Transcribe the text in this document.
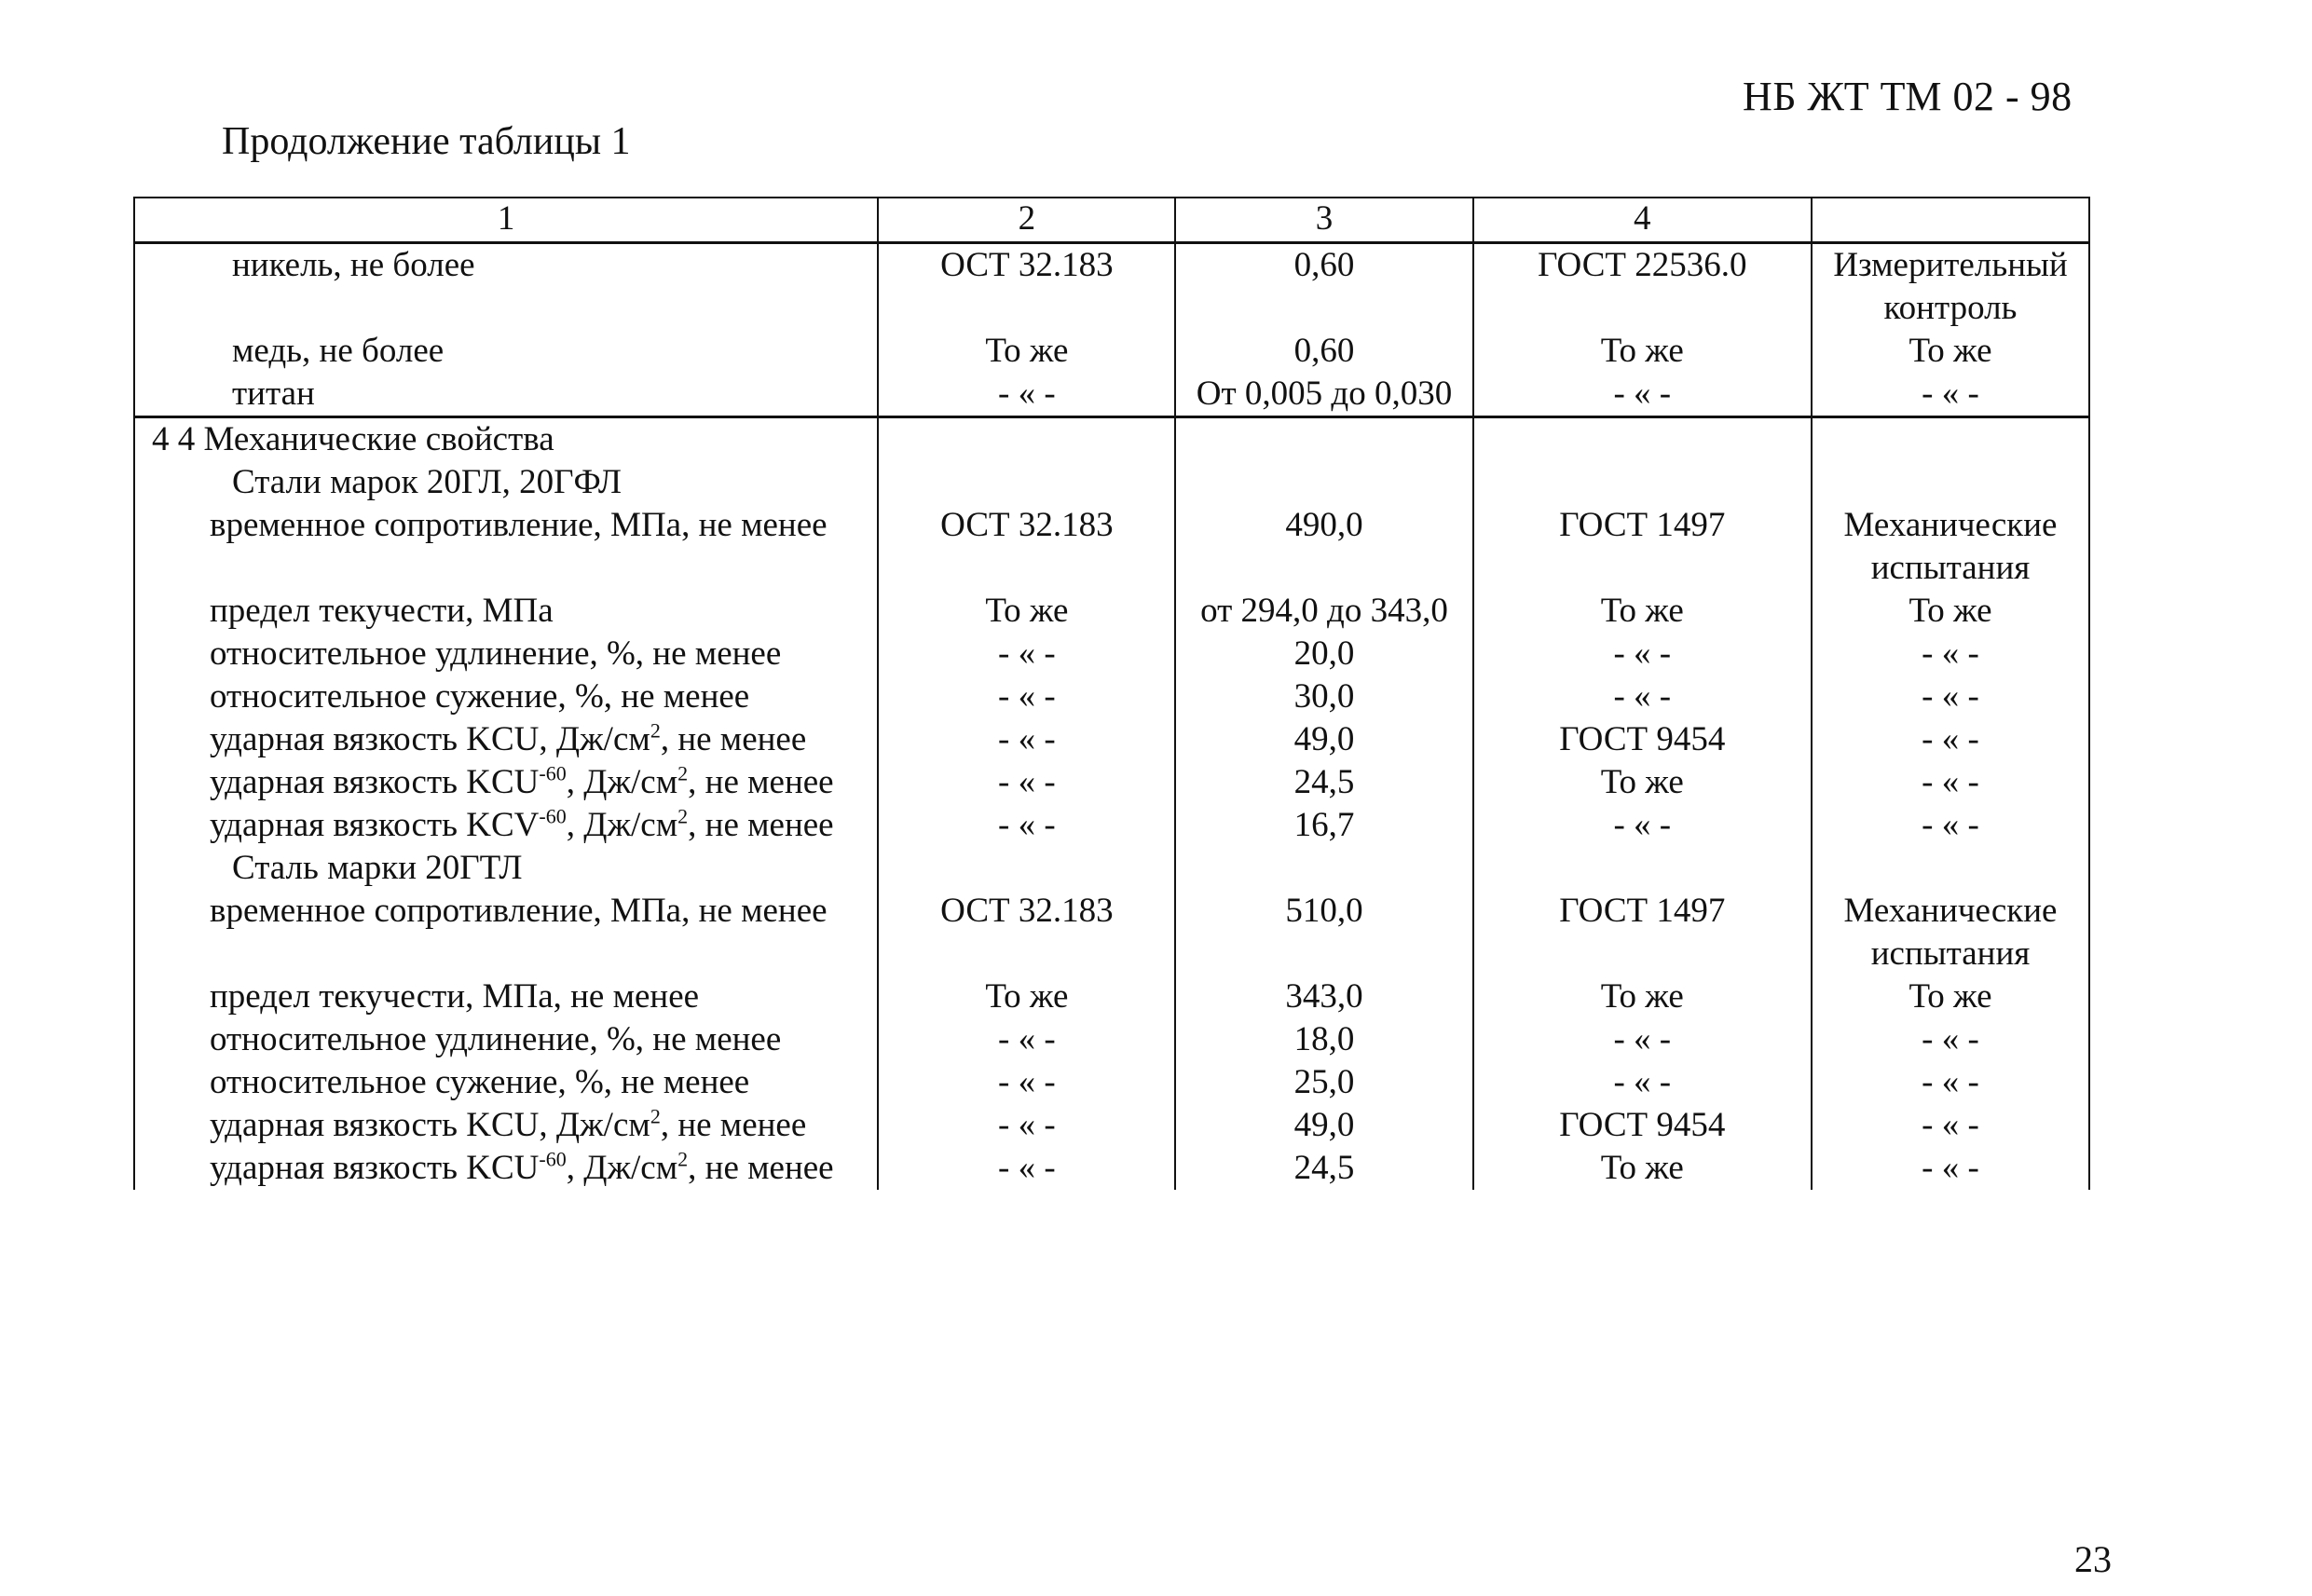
НБ ЖТ ТМ 02 - 98
Продолжение таблицы 1
1	2	3	4	
никель, не более	ОСТ 32.183	0,60	ГОСТ 22536.0	Измерительный контроль
медь, не более	То же	0,60	То же	То же
титан	- « -	От 0,005 до 0,030	- « -	- « -
4 4 Механические свойства				
Стали марок 20ГЛ, 20ГФЛ				
временное сопротивление, МПа, не менее	ОСТ 32.183	490,0	ГОСТ 1497	Механические испытания
предел текучести, МПа	То же	от 294,0 до 343,0	То же	То же
относительное удлинение, %, не менее	- « -	20,0	- « -	- « -
относительное сужение, %, не менее	- « -	30,0	- « -	- « -
ударная вязкость KCU, $Дж/см^2$, не менее	- « -	49,0	ГОСТ 9454	- « -
ударная вязкость $KCU^{-60}$, $Дж/см^2$, не менее	- « -	24,5	То же	- « -
ударная вязкость $KCV^{-60}$, $Дж/см^2$, не менее	- « -	16,7	- « -	- « -
Сталь марки 20ГТЛ				
временное сопротивление, МПа, не менее	ОСТ 32.183	510,0	ГОСТ 1497	Механические испытания
предел текучести, МПа, не менее	То же	343,0	То же	То же
относительное удлинение, %, не менее	- « -	18,0	- « -	- « -
относительное сужение, %, не менее	- « -	25,0	- « -	- « -
ударная вязкость KCU, $Дж/см^2$, не менее	- « -	49,0	ГОСТ 9454	- « -
ударная вязкость $KCU^{-60}$, $Дж/см^2$, не менее	- « -	24,5	То же	- « -
23
